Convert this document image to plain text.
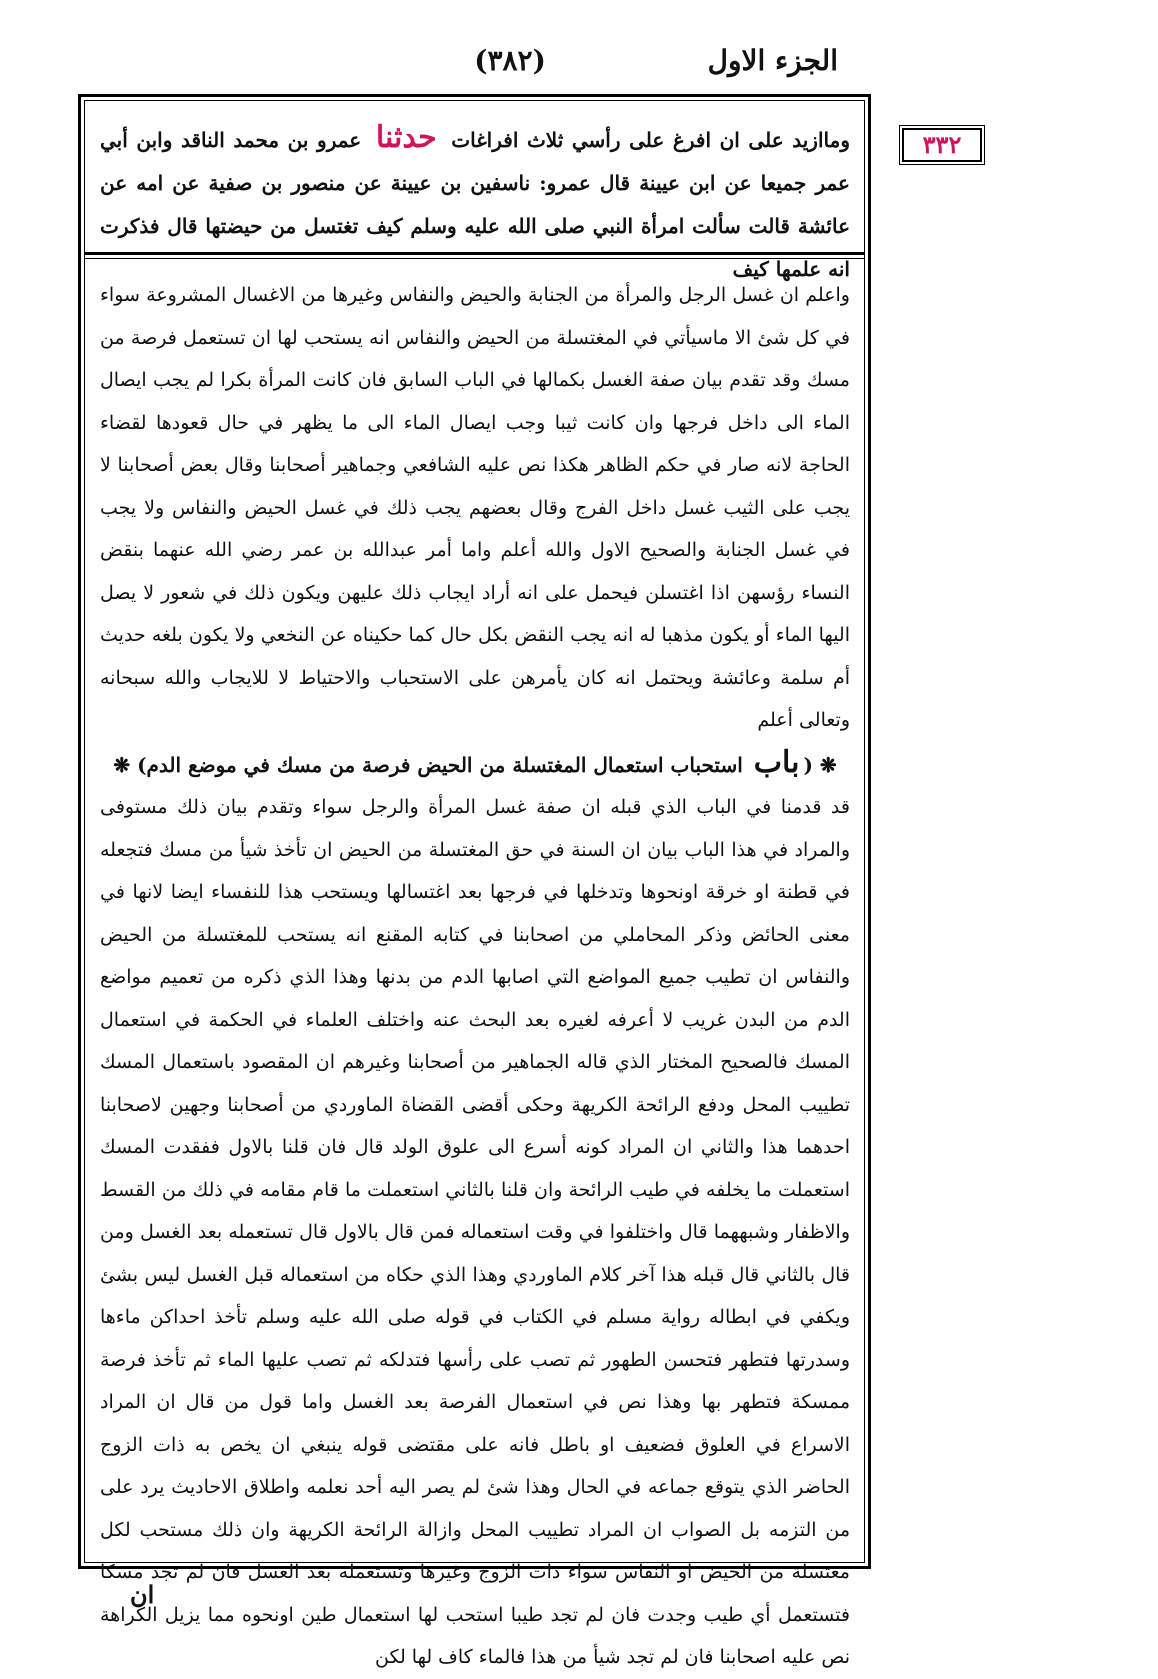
الجزء الاول
(٣٨٢)
٣٣٢
وماازيد على ان افرغ على رأسي ثلاث افراغات حدثنا عمرو بن محمد الناقد وابن أبي عمر جميعا عن ابن عيينة قال عمرو: ناسفين بن عيينة عن منصور بن صفية عن امه عن عائشة قالت سألت امرأة النبي صلى الله عليه وسلم كيف تغتسل من حيضتها قال فذكرت انه علمها كيف

واعلم ان غسل الرجل والمرأة من الجنابة والحيض والنفاس وغيرها من الاغسال المشروعة سواء في كل شئ الا ماسيأتي في المغتسلة من الحيض والنفاس انه يستحب لها ان تستعمل فرصة من مسك وقد تقدم بيان صفة الغسل بكمالها في الباب السابق فان كانت المرأة بكرا لم يجب ايصال الماء الى داخل فرجها وان كانت ثيبا وجب ايصال الماء الى ما يظهر في حال قعودها لقضاء الحاجة لانه صار في حكم الظاهر هكذا نص عليه الشافعي وجماهير أصحابنا وقال بعض أصحابنا لا يجب على الثيب غسل داخل الفرج وقال بعضهم يجب ذلك في غسل الحيض والنفاس ولا يجب في غسل الجنابة والصحيح الاول والله أعلم واما أمر عبدالله بن عمر رضي الله عنهما بنقض النساء رؤسهن اذا اغتسلن فيحمل على انه أراد ايجاب ذلك عليهن ويكون ذلك في شعور لا يصل اليها الماء أو يكون مذهبا له انه يجب النقض بكل حال كما حكيناه عن النخعي ولا يكون بلغه حديث أم سلمة وعائشة ويحتمل انه كان يأمرهن على الاستحباب والاحتياط لا للايجاب والله سبحانه وتعالى أعلم

❋ (باب استحباب استعمال المغتسلة من الحيض فرصة من مسك في موضع الدم) ❋

قد قدمنا في الباب الذي قبله ان صفة غسل المرأة والرجل سواء وتقدم بيان ذلك مستوفى والمراد في هذا الباب بيان ان السنة في حق المغتسلة من الحيض ان تأخذ شيأ من مسك فتجعله في قطنة او خرقة اونحوها وتدخلها في فرجها بعد اغتسالها ويستحب هذا للنفساء ايضا لانها في معنى الحائض وذكر المحاملي من اصحابنا في كتابه المقنع انه يستحب للمغتسلة من الحيض والنفاس ان تطيب جميع المواضع التي اصابها الدم من بدنها وهذا الذي ذكره من تعميم مواضع الدم من البدن غريب لا أعرفه لغيره بعد البحث عنه واختلف العلماء في الحكمة في استعمال المسك فالصحيح المختار الذي قاله الجماهير من أصحابنا وغيرهم ان المقصود باستعمال المسك تطييب المحل ودفع الرائحة الكريهة وحكى أقضى القضاة الماوردي من أصحابنا وجهين لاصحابنا احدهما هذا والثاني ان المراد كونه أسرع الى علوق الولد قال فان قلنا بالاول ففقدت المسك استعملت ما يخلفه في طيب الرائحة وان قلنا بالثاني استعملت ما قام مقامه في ذلك من القسط والاظفار وشبههما قال واختلفوا في وقت استعماله فمن قال بالاول قال تستعمله بعد الغسل ومن قال بالثاني قال قبله هذا آخر كلام الماوردي وهذا الذي حكاه من استعماله قبل الغسل ليس بشئ ويكفي في ابطاله رواية مسلم في الكتاب في قوله صلى الله عليه وسلم تأخذ احداكن ماءها وسدرتها فتطهر فتحسن الطهور ثم تصب على رأسها فتدلكه ثم تصب عليها الماء ثم تأخذ فرصة ممسكة فتطهر بها وهذا نص في استعمال الفرصة بعد الغسل واما قول من قال ان المراد الاسراع في العلوق فضعيف او باطل فانه على مقتضى قوله ينبغي ان يخص به ذات الزوج الحاضر الذي يتوقع جماعه في الحال وهذا شئ لم يصر اليه أحد نعلمه واطلاق الاحاديث يرد على من التزمه بل الصواب ان المراد تطييب المحل وازالة الرائحة الكريهة وان ذلك مستحب لكل مغتسلة من الحيض او النفاس سواء ذات الزوج وغيرها وتستعمله بعد الغسل فان لم تجد مسكا فتستعمل أي طيب وجدت فان لم تجد طيبا استحب لها استعمال طين اونحوه مما يزيل الكراهة نص عليه اصحابنا فان لم تجد شيأ من هذا فالماء كاف لها لكن

ان
